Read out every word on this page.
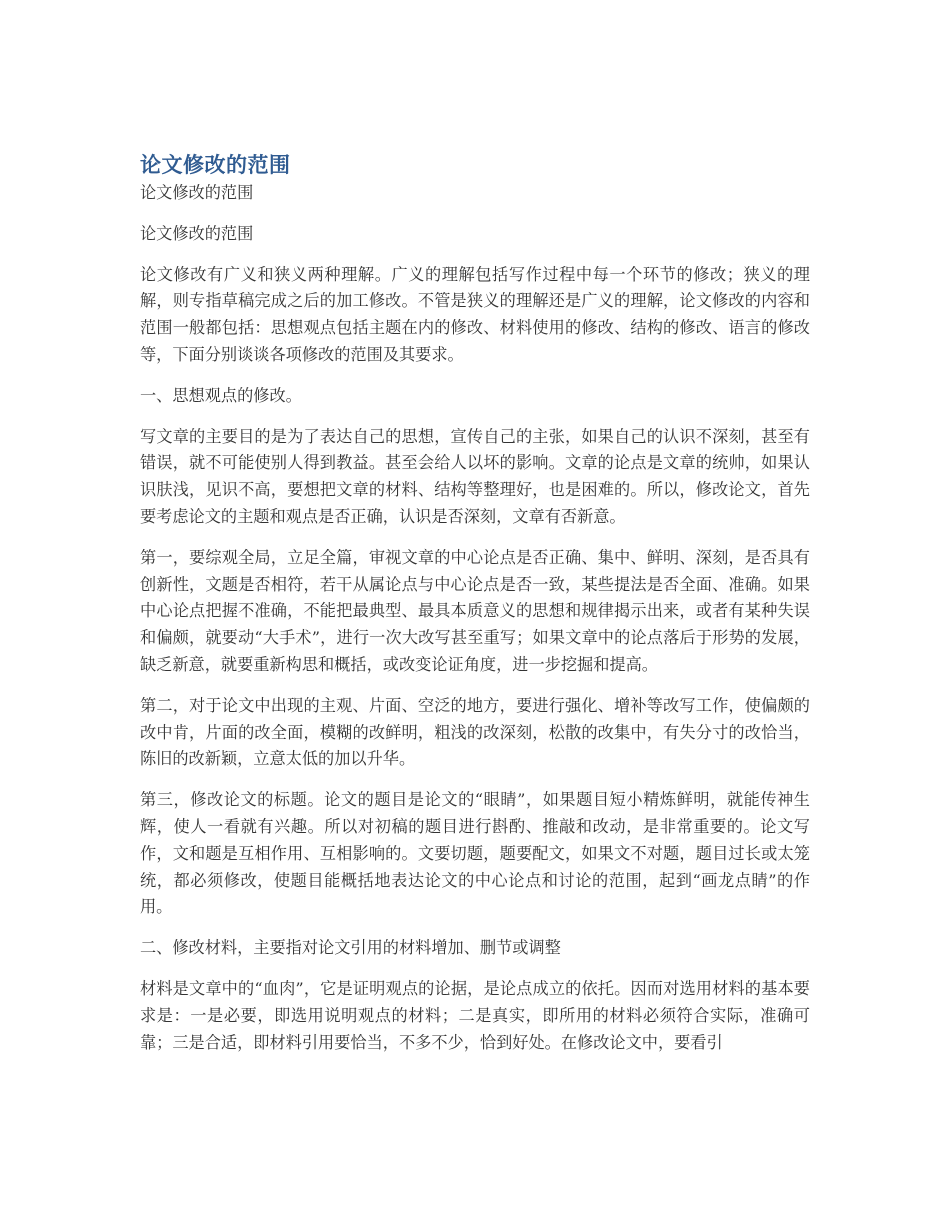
论文修改的范围

论文修改的范围

论文修改的范围

论文修改有广义和狭义两种理解。广义的理解包括写作过程中每一个环节的修改；狭义的理解，则专指草稿完成之后的加工修改。不管是狭义的理解还是广义的理解，论文修改的内容和范围一般都包括：思想观点包括主题在内的修改、材料使用的修改、结构的修改、语言的修改等，下面分别谈谈各项修改的范围及其要求。

一、思想观点的修改。

写文章的主要目的是为了表达自己的思想，宣传自己的主张，如果自己的认识不深刻，甚至有错误，就不可能使别人得到教益。甚至会给人以坏的影响。文章的论点是文章的统帅，如果认识肤浅，见识不高，要想把文章的材料、结构等整理好，也是困难的。所以，修改论文，首先要考虑论文的主题和观点是否正确，认识是否深刻，文章有否新意。

第一，要综观全局，立足全篇，审视文章的中心论点是否正确、集中、鲜明、深刻，是否具有创新性，文题是否相符，若干从属论点与中心论点是否一致，某些提法是否全面、准确。如果中心论点把握不准确，不能把最典型、最具本质意义的思想和规律揭示出来，或者有某种失误和偏颇，就要动“大手术”，进行一次大改写甚至重写；如果文章中的论点落后于形势的发展，缺乏新意，就要重新构思和概括，或改变论证角度，进一步挖掘和提高。

第二，对于论文中出现的主观、片面、空泛的地方，要进行强化、增补等改写工作，使偏颇的改中肯，片面的改全面，模糊的改鲜明，粗浅的改深刻，松散的改集中，有失分寸的改恰当，陈旧的改新颖，立意太低的加以升华。

第三，修改论文的标题。论文的题目是论文的“眼睛”，如果题目短小精炼鲜明，就能传神生辉，使人一看就有兴趣。所以对初稿的题目进行斟酌、推敲和改动，是非常重要的。论文写作，文和题是互相作用、互相影响的。文要切题，题要配文，如果文不对题，题目过长或太笼统，都必须修改，使题目能概括地表达论文的中心论点和讨论的范围，起到“画龙点睛”的作用。

二、修改材料，主要指对论文引用的材料增加、删节或调整

材料是文章中的“血肉”，它是证明观点的论据，是论点成立的依托。因而对选用材料的基本要求是：一是必要，即选用说明观点的材料；二是真实，即所用的材料必须符合实际，准确可靠；三是合适，即材料引用要恰当，不多不少，恰到好处。在修改论文中，要看引
